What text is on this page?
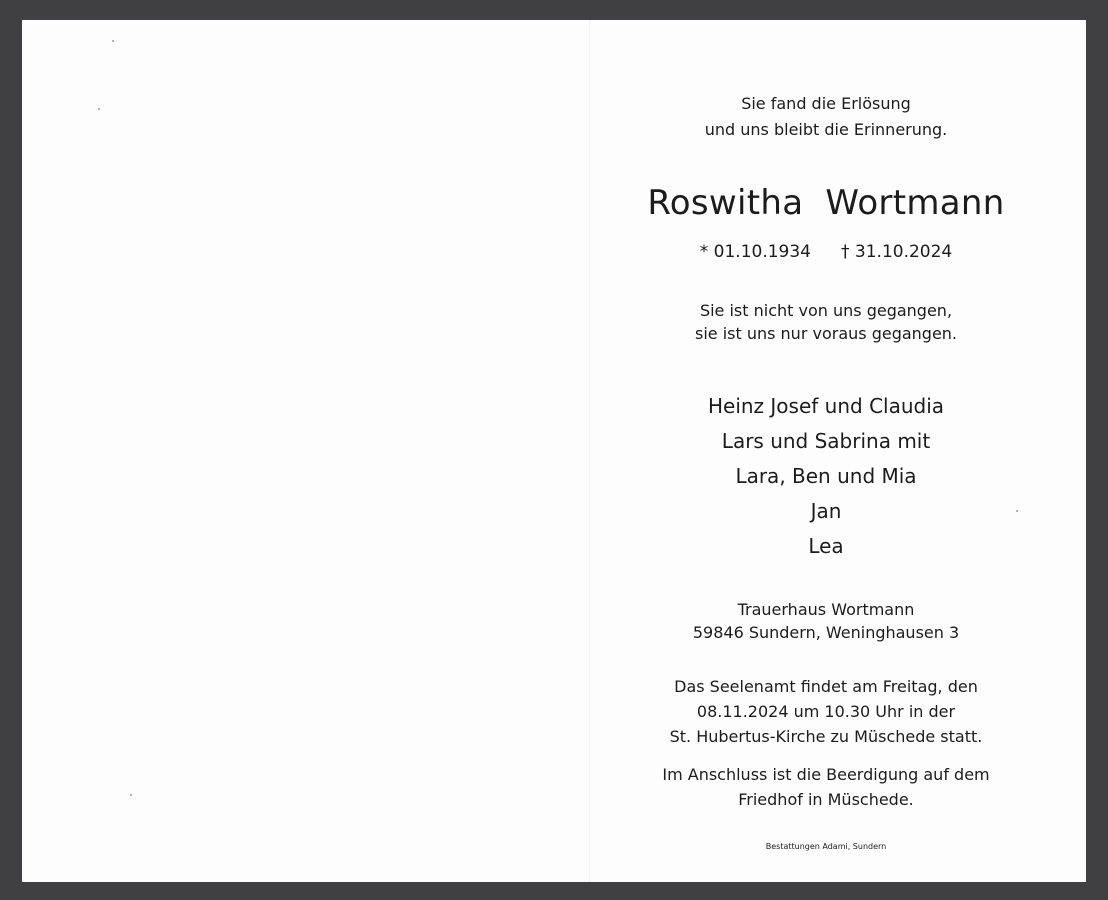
Sie fand die Erlösung
und uns bleibt die Erinnerung.
Roswitha Wortmann
* 01.10.1934 † 31.10.2024
Sie ist nicht von uns gegangen,
sie ist uns nur voraus gegangen.
Heinz Josef und Claudia
Lars und Sabrina mit
Lara, Ben und Mia
Jan
Lea
Trauerhaus Wortmann
59846 Sundern, Weninghausen 3
Das Seelenamt findet am Freitag, den
08.11.2024 um 10.30 Uhr in der
St. Hubertus-Kirche zu Müschede statt.
Im Anschluss ist die Beerdigung auf dem
Friedhof in Müschede.
Bestattungen Adami, Sundern
